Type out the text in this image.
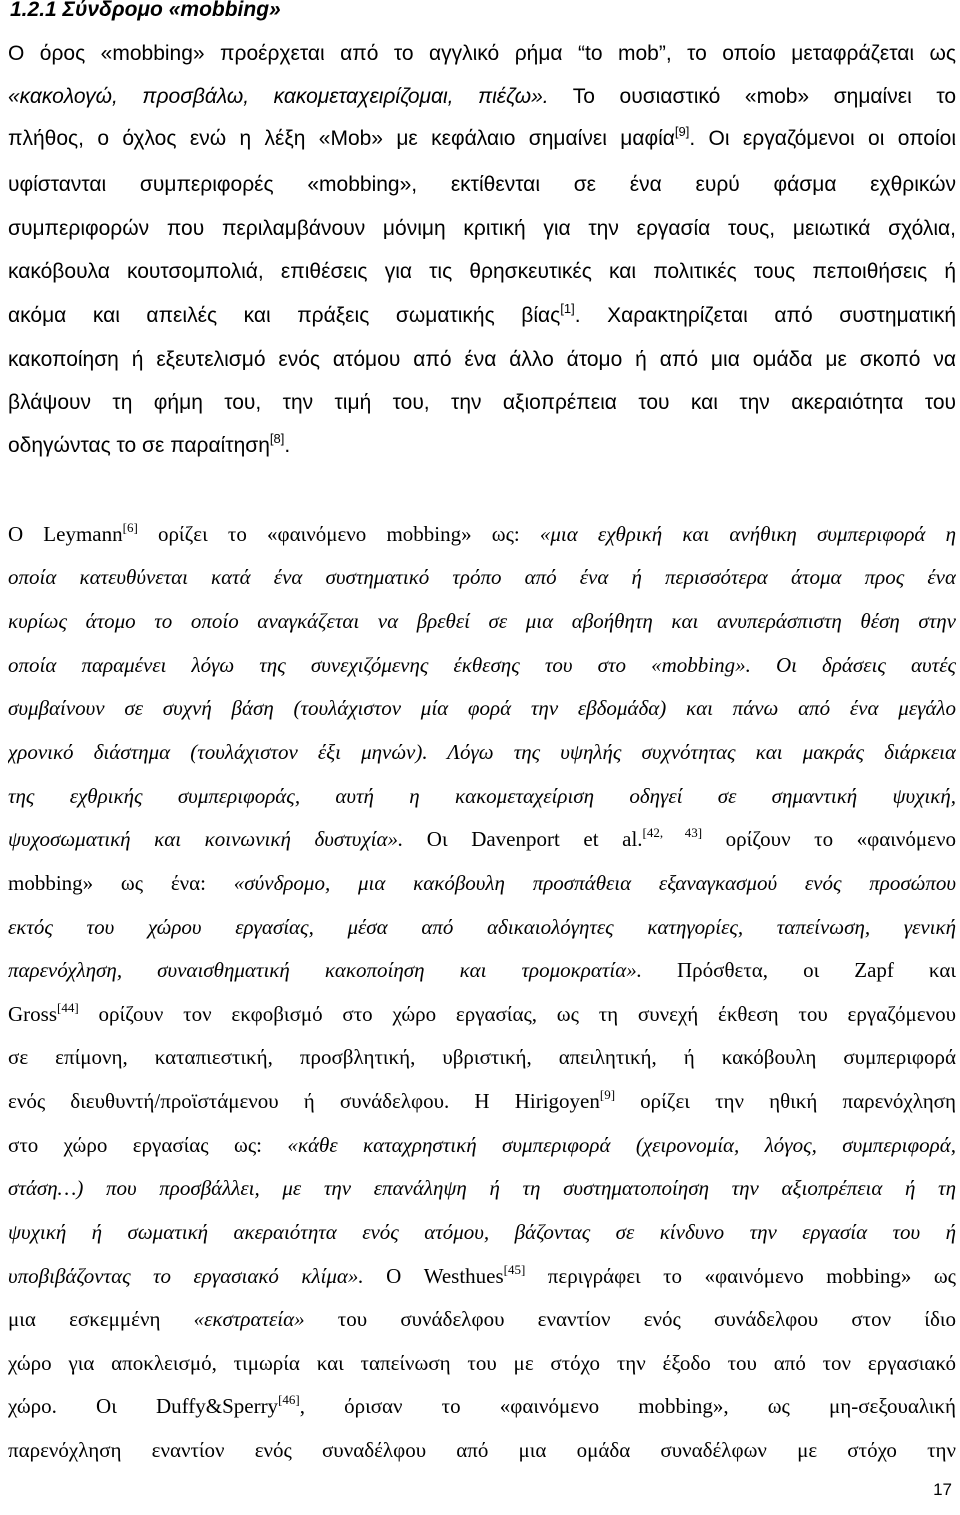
1.2.1 Σύνδρομο «mobbing»
Ο όρος «mobbing» προέρχεται από το αγγλικό ρήμα “to mob”, το οποίο μεταφράζεται ως
«κακολογώ, προσβάλω, κακομεταχειρίζομαι, πιέζω». Το ουσιαστικό «mob» σημαίνει το
πλήθος, ο όχλος ενώ η λέξη «Mob» με κεφάλαιο σημαίνει μαφία[9]. Οι εργαζόμενοι οι οποίοι
υφίστανται συμπεριφορές «mobbing», εκτίθενται σε ένα ευρύ φάσμα εχθρικών
συμπεριφορών που περιλαμβάνουν μόνιμη κριτική για την εργασία τους, μειωτικά σχόλια,
κακόβουλα κουτσομπολιά, επιθέσεις για τις θρησκευτικές και πολιτικές τους πεποιθήσεις ή
ακόμα και απειλές και πράξεις σωματικής βίας[1]. Χαρακτηρίζεται από συστηματική
κακοποίηση ή εξευτελισμό ενός ατόμου από ένα άλλο άτομο ή από μια ομάδα με σκοπό να
βλάψουν τη φήμη του, την τιμή του, την αξιοπρέπεια του και την ακεραιότητα του
οδηγώντας το σε παραίτηση[8].
Ο Leymann[6] ορίζει το «φαινόμενο mobbing» ως: «μια εχθρική και ανήθικη συμπεριφορά η
οποία κατευθύνεται κατά ένα συστηματικό τρόπο από ένα ή περισσότερα άτομα προς ένα
κυρίως άτομο το οποίο αναγκάζεται να βρεθεί σε μια αβοήθητη και ανυπεράσπιστη θέση στην
οποία παραμένει λόγω της συνεχιζόμενης έκθεσης του στο «mobbing». Οι δράσεις αυτές
συμβαίνουν σε συχνή βάση (τουλάχιστον μία φορά την εβδομάδα) και πάνω από ένα μεγάλο
χρονικό διάστημα (τουλάχιστον έξι μηνών). Λόγω της υψηλής συχνότητας και μακράς διάρκεια
της εχθρικής συμπεριφοράς, αυτή η κακομεταχείριση οδηγεί σε σημαντική ψυχική,
ψυχοσωματική και κοινωνική δυστυχία». Οι Davenport et al.[42, 43] ορίζουν το «φαινόμενο
mobbing» ως ένα: «σύνδρομο, μια κακόβουλη προσπάθεια εξαναγκασμού ενός προσώπου
εκτός του χώρου εργασίας, μέσα από αδικαιολόγητες κατηγορίες, ταπείνωση, γενική
παρενόχληση, συναισθηματική κακοποίηση και τρομοκρατία». Πρόσθετα, οι Zapf και
Gross[44] ορίζουν τον εκφοβισμό στο χώρο εργασίας, ως τη συνεχή έκθεση του εργαζόμενου
σε επίμονη, καταπιεστική, προσβλητική, υβριστική, απειλητική, ή κακόβουλη συμπεριφορά
ενός διευθυντή/προϊστάμενου ή συνάδελφου. Η Hirigoyen[9] ορίζει την ηθική παρενόχληση
στο χώρο εργασίας ως: «κάθε καταχρηστική συμπεριφορά (χειρονομία, λόγος, συμπεριφορά,
στάση…) που προσβάλλει, με την επανάληψη ή τη συστηματοποίηση την αξιοπρέπεια ή τη
ψυχική ή σωματική ακεραιότητα ενός ατόμου, βάζοντας σε κίνδυνο την εργασία του ή
υποβιβάζοντας το εργασιακό κλίμα». Ο Westhues[45] περιγράφει το «φαινόμενο mobbing» ως
μια εσκεμμένη «εκστρατεία» του συνάδελφου εναντίον ενός συνάδελφου στον ίδιο
χώρο για αποκλεισμό, τιμωρία και ταπείνωση του με στόχο την έξοδο του από τον εργασιακό
χώρο. Οι Duffy&Sperry[46], όρισαν το «φαινόμενο mobbing», ως μη-σεξουαλική
παρενόχληση εναντίον ενός συναδέλφου από μια ομάδα συναδέλφων με στόχο την
17
